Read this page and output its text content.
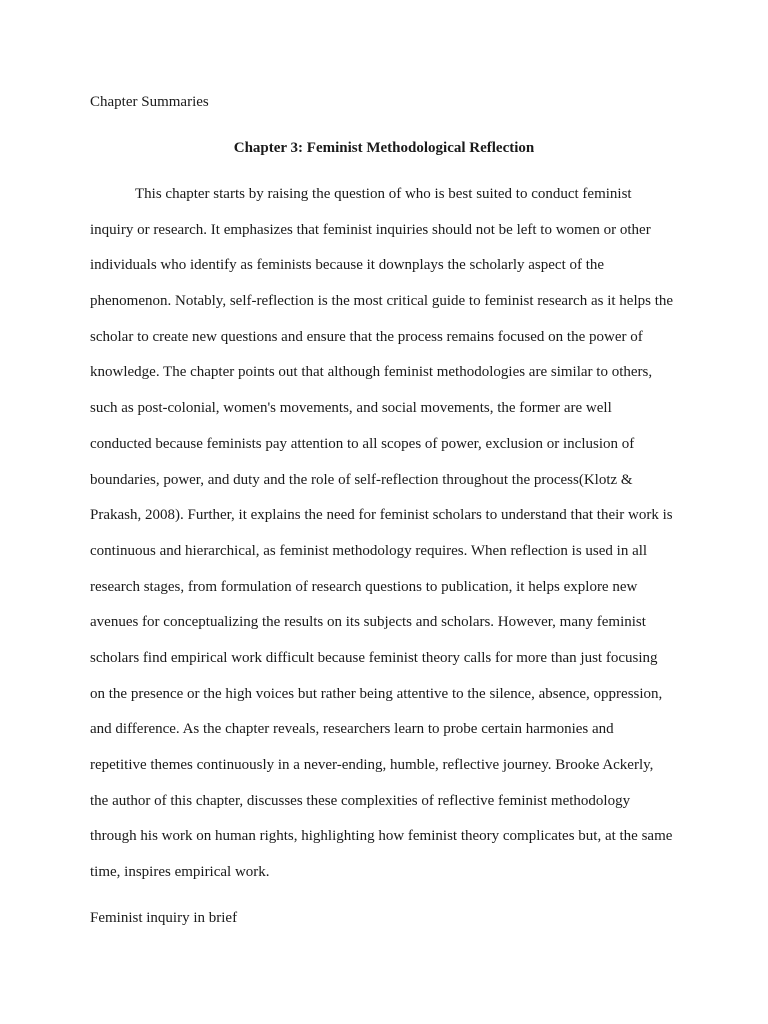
Chapter Summaries

Chapter 3: Feminist Methodological Reflection

This chapter starts by raising the question of who is best suited to conduct feminist
inquiry or research. It emphasizes that feminist inquiries should not be left to women or other
individuals who identify as feminists because it downplays the scholarly aspect of the
phenomenon. Notably, self-reflection is the most critical guide to feminist research as it helps the
scholar to create new questions and ensure that the process remains focused on the power of
knowledge. The chapter points out that although feminist methodologies are similar to others,
such as post-colonial, women's movements, and social movements, the former are well
conducted because feminists pay attention to all scopes of power, exclusion or inclusion of
boundaries, power, and duty and the role of self-reflection throughout the process(Klotz &
Prakash, 2008). Further, it explains the need for feminist scholars to understand that their work is
continuous and hierarchical, as feminist methodology requires. When reflection is used in all
research stages, from formulation of research questions to publication, it helps explore new
avenues for conceptualizing the results on its subjects and scholars. However, many feminist
scholars find empirical work difficult because feminist theory calls for more than just focusing
on the presence or the high voices but rather being attentive to the silence, absence, oppression,
and difference. As the chapter reveals, researchers learn to probe certain harmonies and
repetitive themes continuously in a never-ending, humble, reflective journey. Brooke Ackerly,
the author of this chapter, discusses these complexities of reflective feminist methodology
through his work on human rights, highlighting how feminist theory complicates but, at the same
time, inspires empirical work.

Feminist inquiry in brief
